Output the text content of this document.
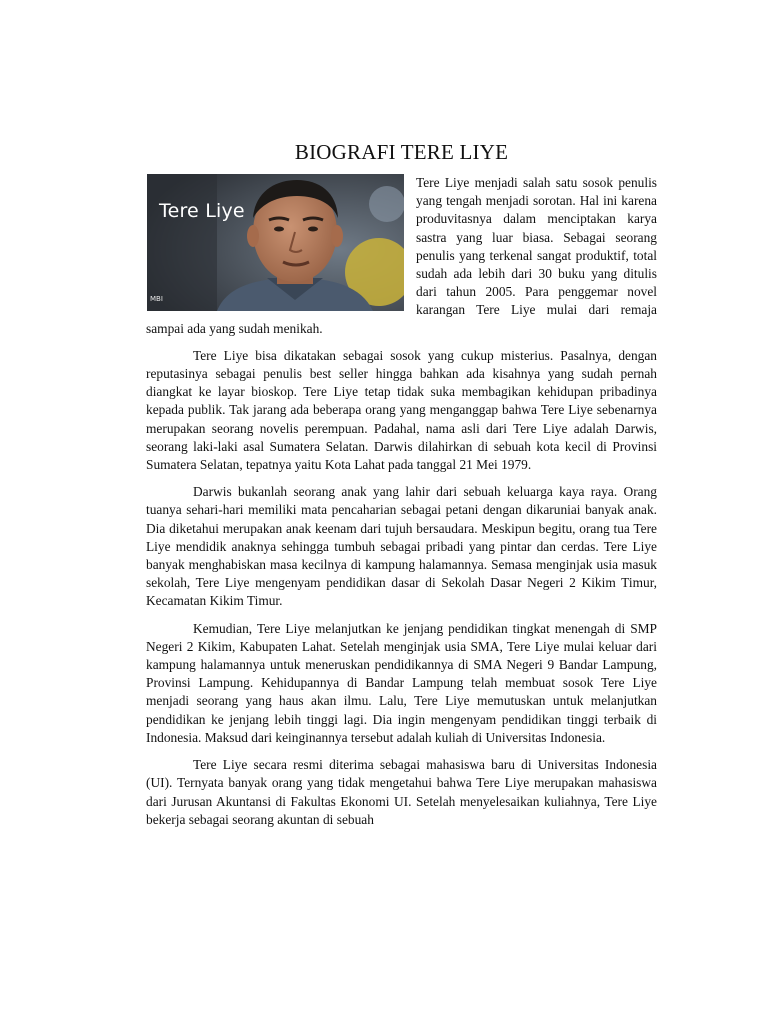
BIOGRAFI TERE LIYE
Tere Liye
MBI
Tere Liye menjadi salah satu sosok penulis yang tengah menjadi sorotan. Hal ini karena produvitasnya dalam menciptakan karya sastra yang luar biasa. Sebagai seorang penulis yang terkenal sangat produktif, total sudah ada lebih dari 30 buku yang ditulis dari tahun 2005. Para penggemar novel karangan Tere Liye mulai dari remaja sampai ada yang sudah menikah.

Tere Liye bisa dikatakan sebagai sosok yang cukup misterius. Pasalnya, dengan reputasinya sebagai penulis best seller hingga bahkan ada kisahnya yang sudah pernah diangkat ke layar bioskop. Tere Liye tetap tidak suka membagikan kehidupan pribadinya kepada publik. Tak jarang ada beberapa orang yang menganggap bahwa Tere Liye sebenarnya merupakan seorang novelis perempuan. Padahal, nama asli dari Tere Liye adalah Darwis, seorang laki-laki asal Sumatera Selatan. Darwis dilahirkan di sebuah kota kecil di Provinsi Sumatera Selatan, tepatnya yaitu Kota Lahat pada tanggal 21 Mei 1979.

Darwis bukanlah seorang anak yang lahir dari sebuah keluarga kaya raya. Orang tuanya sehari-hari memiliki mata pencaharian sebagai petani dengan dikaruniai banyak anak. Dia diketahui merupakan anak keenam dari tujuh bersaudara. Meskipun begitu, orang tua Tere Liye mendidik anaknya sehingga tumbuh sebagai pribadi yang pintar dan cerdas. Tere Liye banyak menghabiskan masa kecilnya di kampung halamannya. Semasa menginjak usia masuk sekolah, Tere Liye mengenyam pendidikan dasar di Sekolah Dasar Negeri 2 Kikim Timur, Kecamatan Kikim Timur.

Kemudian, Tere Liye melanjutkan ke jenjang pendidikan tingkat menengah di SMP Negeri 2 Kikim, Kabupaten Lahat. Setelah menginjak usia SMA, Tere Liye mulai keluar dari kampung halamannya untuk meneruskan pendidikannya di SMA Negeri 9 Bandar Lampung, Provinsi Lampung. Kehidupannya di Bandar Lampung telah membuat sosok Tere Liye menjadi seorang yang haus akan ilmu. Lalu, Tere Liye memutuskan untuk melanjutkan pendidikan ke jenjang lebih tinggi lagi. Dia ingin mengenyam pendidikan tinggi terbaik di Indonesia. Maksud dari keinginannya tersebut adalah kuliah di Universitas Indonesia.

Tere Liye secara resmi diterima sebagai mahasiswa baru di Universitas Indonesia (UI). Ternyata banyak orang yang tidak mengetahui bahwa Tere Liye merupakan mahasiswa dari Jurusan Akuntansi di Fakultas Ekonomi UI. Setelah menyelesaikan kuliahnya, Tere Liye bekerja sebagai seorang akuntan di sebuah
